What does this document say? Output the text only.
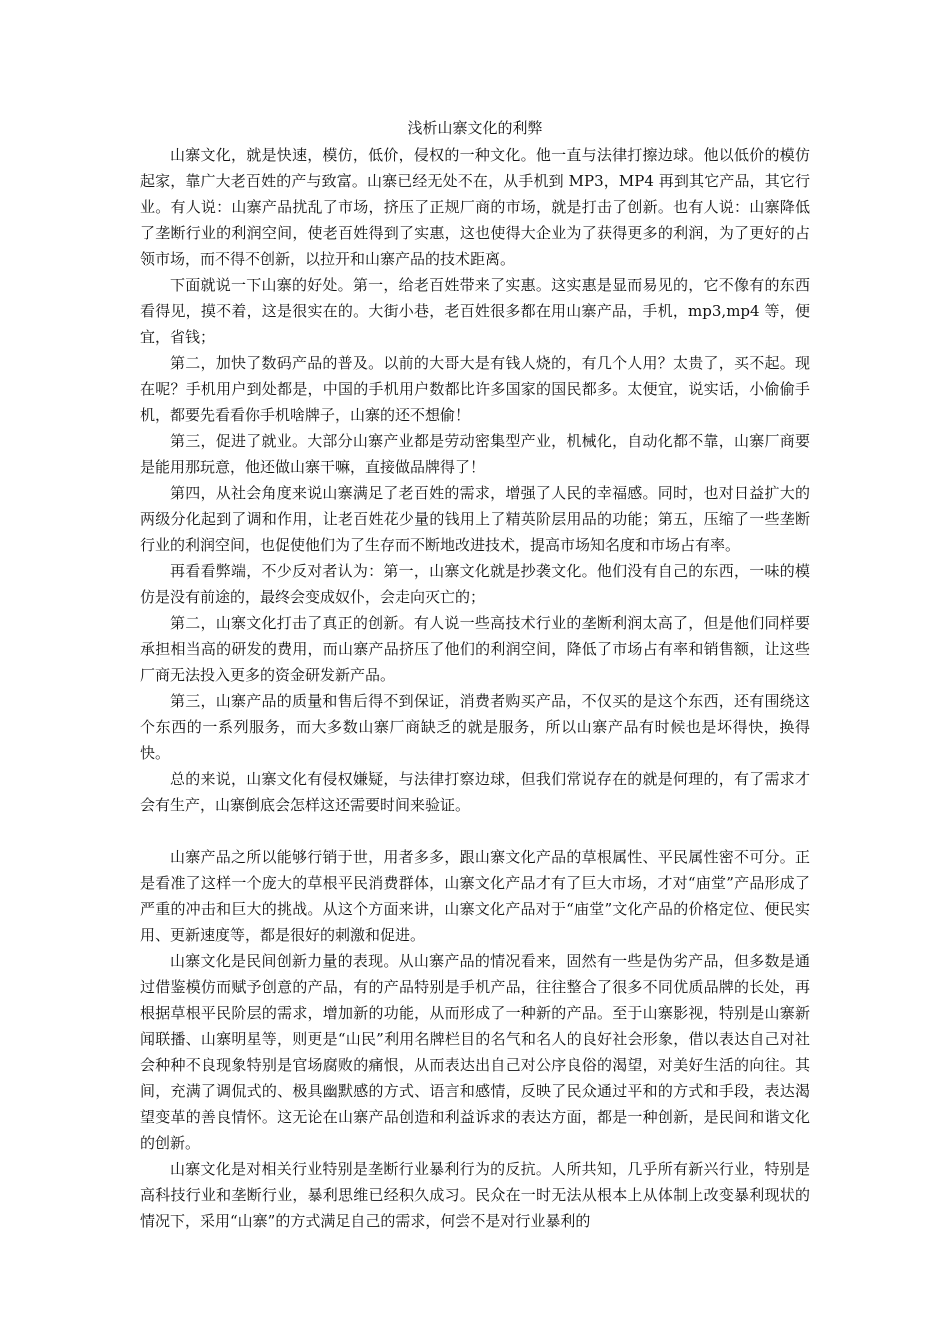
浅析山寨文化的利弊

山寨文化，就是快速，模仿，低价，侵权的一种文化。他一直与法律打擦边球。他以低价的模仿起家，靠广大老百姓的产与致富。山寨已经无处不在，从手机到 MP3，MP4 再到其它产品，其它行业。有人说：山寨产品扰乱了市场，挤压了正规厂商的市场，就是打击了创新。也有人说：山寨降低了垄断行业的利润空间，使老百姓得到了实惠，这也使得大企业为了获得更多的利润，为了更好的占领市场，而不得不创新，以拉开和山寨产品的技术距离。

下面就说一下山寨的好处。第一，给老百姓带来了实惠。这实惠是显而易见的，它不像有的东西看得见，摸不着，这是很实在的。大街小巷，老百姓很多都在用山寨产品，手机，mp3,mp4 等，便宜，省钱；

第二，加快了数码产品的普及。以前的大哥大是有钱人烧的，有几个人用？太贵了，买不起。现在呢？手机用户到处都是，中国的手机用户数都比许多国家的国民都多。太便宜，说实话，小偷偷手机，都要先看看你手机啥牌子，山寨的还不想偷！

第三，促进了就业。大部分山寨产业都是劳动密集型产业，机械化，自动化都不靠，山寨厂商要是能用那玩意，他还做山寨干嘛，直接做品牌得了！

第四，从社会角度来说山寨满足了老百姓的需求，增强了人民的幸福感。同时，也对日益扩大的两级分化起到了调和作用，让老百姓花少量的钱用上了精英阶层用品的功能；第五，压缩了一些垄断行业的利润空间，也促使他们为了生存而不断地改进技术，提高市场知名度和市场占有率。

再看看弊端，不少反对者认为：第一，山寨文化就是抄袭文化。他们没有自己的东西，一味的模仿是没有前途的，最终会变成奴仆，会走向灭亡的；

第二，山寨文化打击了真正的创新。有人说一些高技术行业的垄断利润太高了，但是他们同样要承担相当高的研发的费用，而山寨产品挤压了他们的利润空间，降低了市场占有率和销售额，让这些厂商无法投入更多的资金研发新产品。

第三，山寨产品的质量和售后得不到保证，消费者购买产品，不仅买的是这个东西，还有围绕这个东西的一系列服务，而大多数山寨厂商缺乏的就是服务，所以山寨产品有时候也是坏得快，换得快。

总的来说，山寨文化有侵权嫌疑，与法律打察边球，但我们常说存在的就是何理的，有了需求才会有生产，山寨倒底会怎样这还需要时间来验证。

山寨产品之所以能够行销于世，用者多多，跟山寨文化产品的草根属性、平民属性密不可分。正是看准了这样一个庞大的草根平民消费群体，山寨文化产品才有了巨大市场，才对“庙堂”产品形成了严重的冲击和巨大的挑战。从这个方面来讲，山寨文化产品对于“庙堂”文化产品的价格定位、便民实用、更新速度等，都是很好的刺激和促进。

山寨文化是民间创新力量的表现。从山寨产品的情况看来，固然有一些是伪劣产品，但多数是通过借鉴模仿而赋予创意的产品，有的产品特别是手机产品，往往整合了很多不同优质品牌的长处，再根据草根平民阶层的需求，增加新的功能，从而形成了一种新的产品。至于山寨影视，特别是山寨新闻联播、山寨明星等，则更是“山民”利用名牌栏目的名气和名人的良好社会形象，借以表达自己对社会种种不良现象特别是官场腐败的痛恨，从而表达出自己对公序良俗的渴望，对美好生活的向往。其间，充满了调侃式的、极具幽默感的方式、语言和感情，反映了民众通过平和的方式和手段，表达渴望变革的善良情怀。这无论在山寨产品创造和利益诉求的表达方面，都是一种创新，是民间和谐文化的创新。

山寨文化是对相关行业特别是垄断行业暴利行为的反抗。人所共知，几乎所有新兴行业，特别是高科技行业和垄断行业，暴利思维已经积久成习。民众在一时无法从根本上从体制上改变暴利现状的情况下，采用“山寨”的方式满足自己的需求，何尝不是对行业暴利的
